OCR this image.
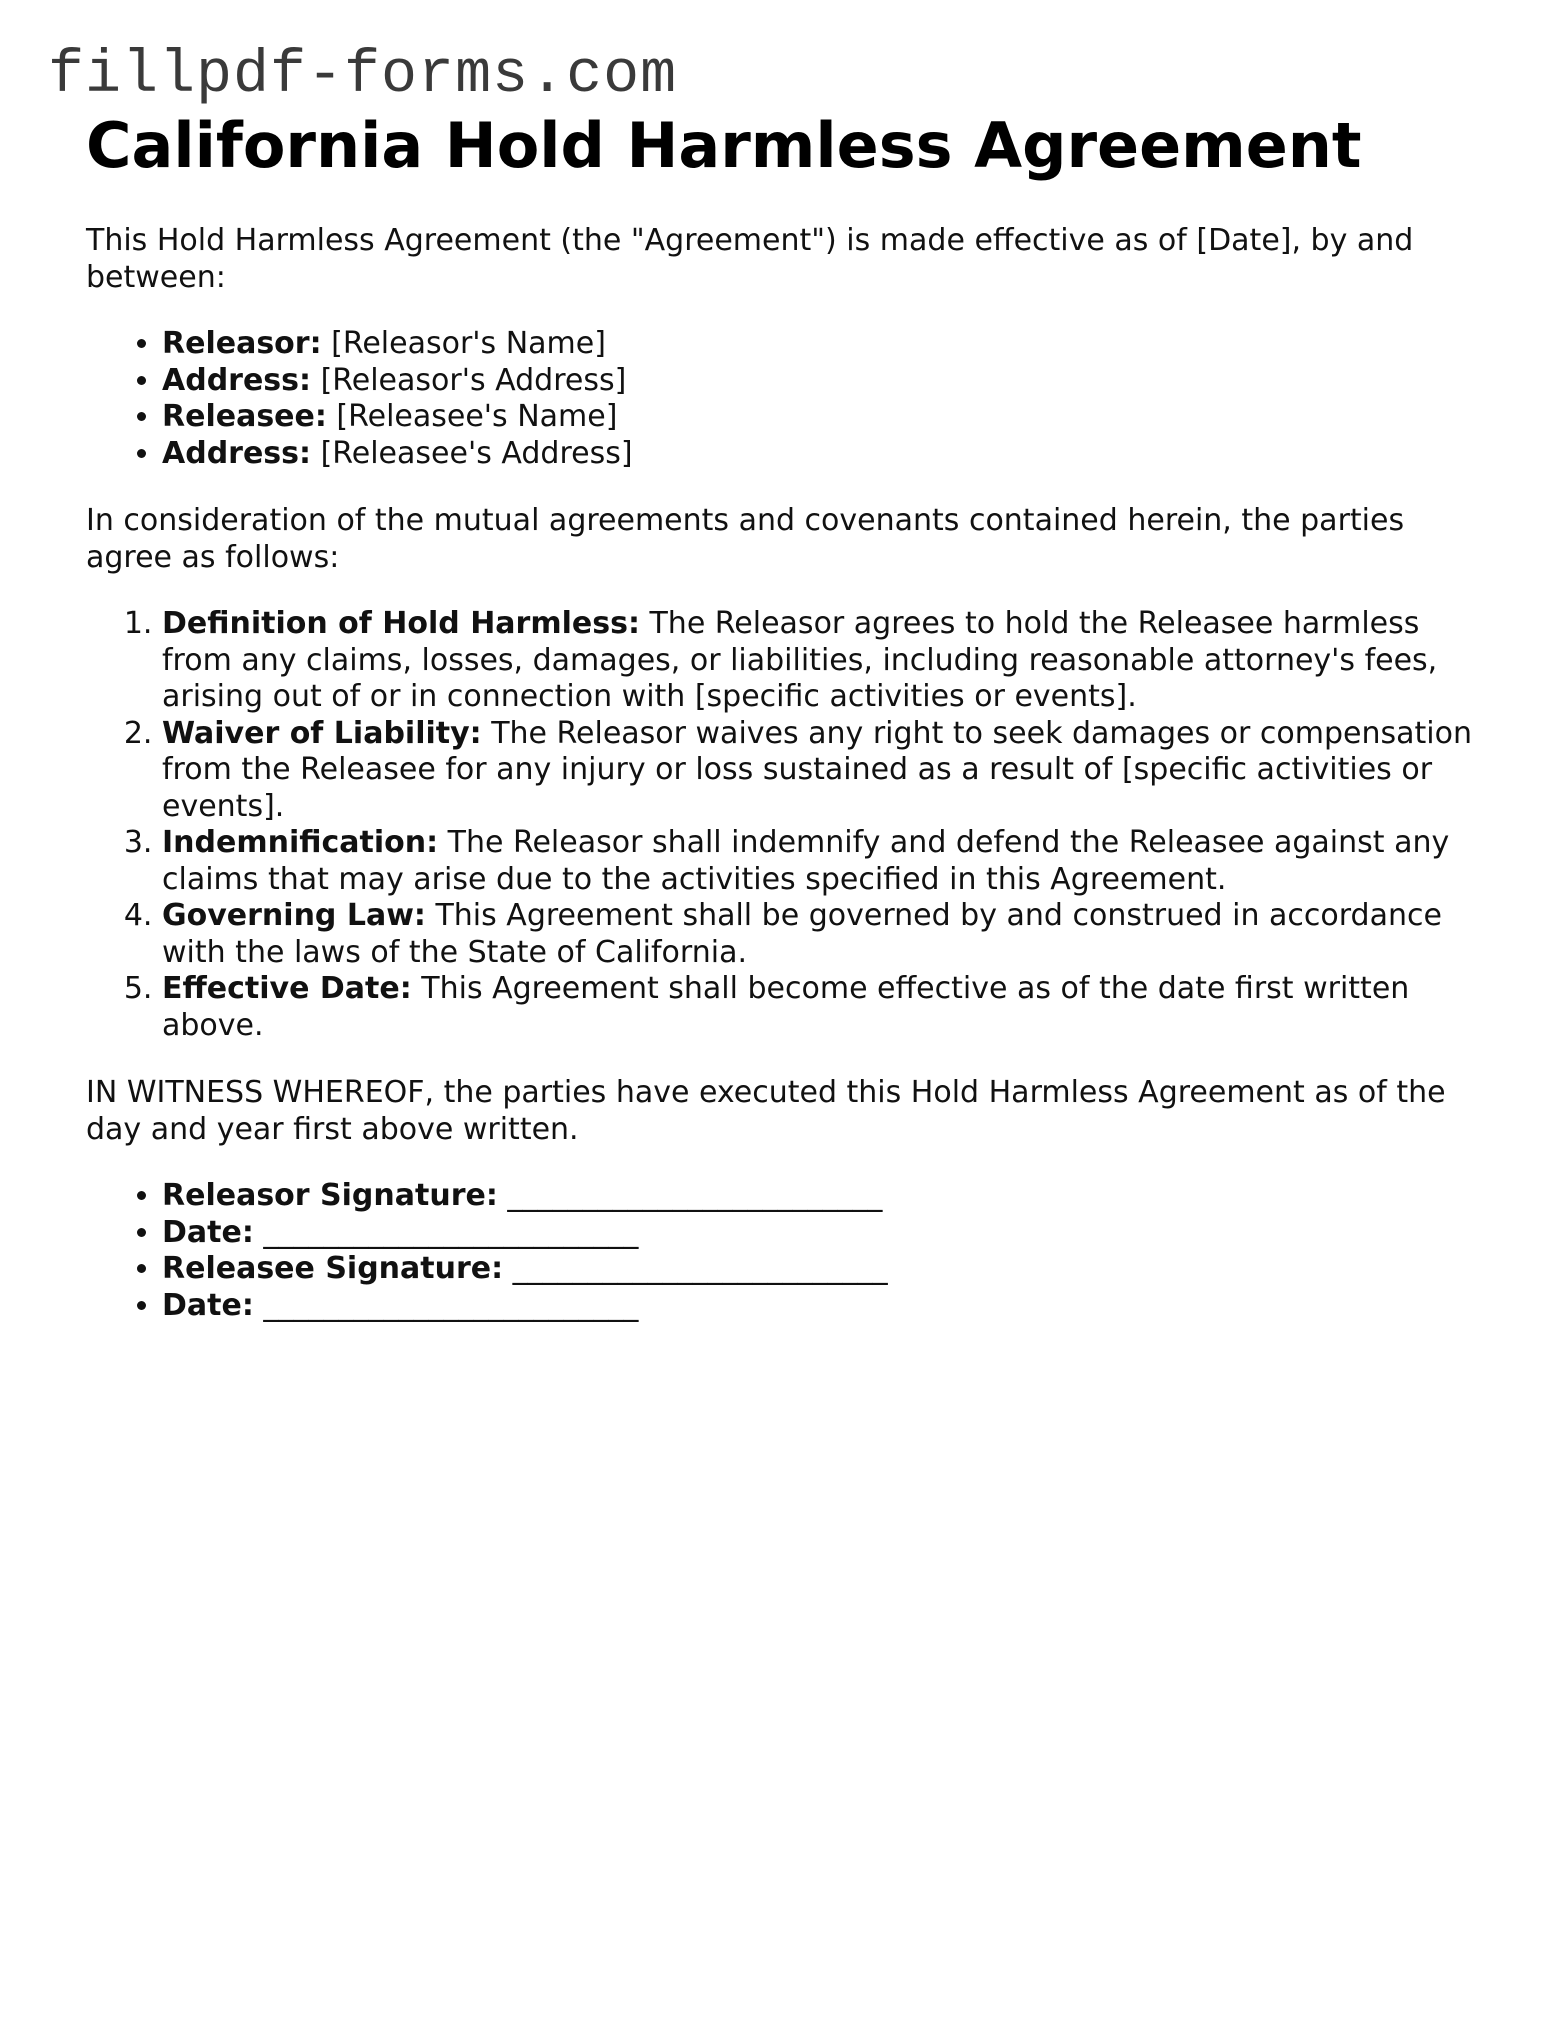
fillpdf-forms.com
California Hold Harmless Agreement

This Hold Harmless Agreement (the "Agreement") is made effective as of [Date], by and between:

• Releasor: [Releasor's Name]
• Address: [Releasor's Address]
• Releasee: [Releasee's Name]
• Address: [Releasee's Address]

In consideration of the mutual agreements and covenants contained herein, the parties agree as follows:

1. Definition of Hold Harmless: The Releasor agrees to hold the Releasee harmless from any claims, losses, damages, or liabilities, including reasonable attorney's fees, arising out of or in connection with [specific activities or events].
2. Waiver of Liability: The Releasor waives any right to seek damages or compensation from the Releasee for any injury or loss sustained as a result of [specific activities or events].
3. Indemnification: The Releasor shall indemnify and defend the Releasee against any claims that may arise due to the activities specified in this Agreement.
4. Governing Law: This Agreement shall be governed by and construed in accordance with the laws of the State of California.
5. Effective Date: This Agreement shall become effective as of the date first written above.

IN WITNESS WHEREOF, the parties have executed this Hold Harmless Agreement as of the day and year first above written.

• Releasor Signature: _________________________
• Date: _________________________
• Releasee Signature: _________________________
• Date: _________________________
